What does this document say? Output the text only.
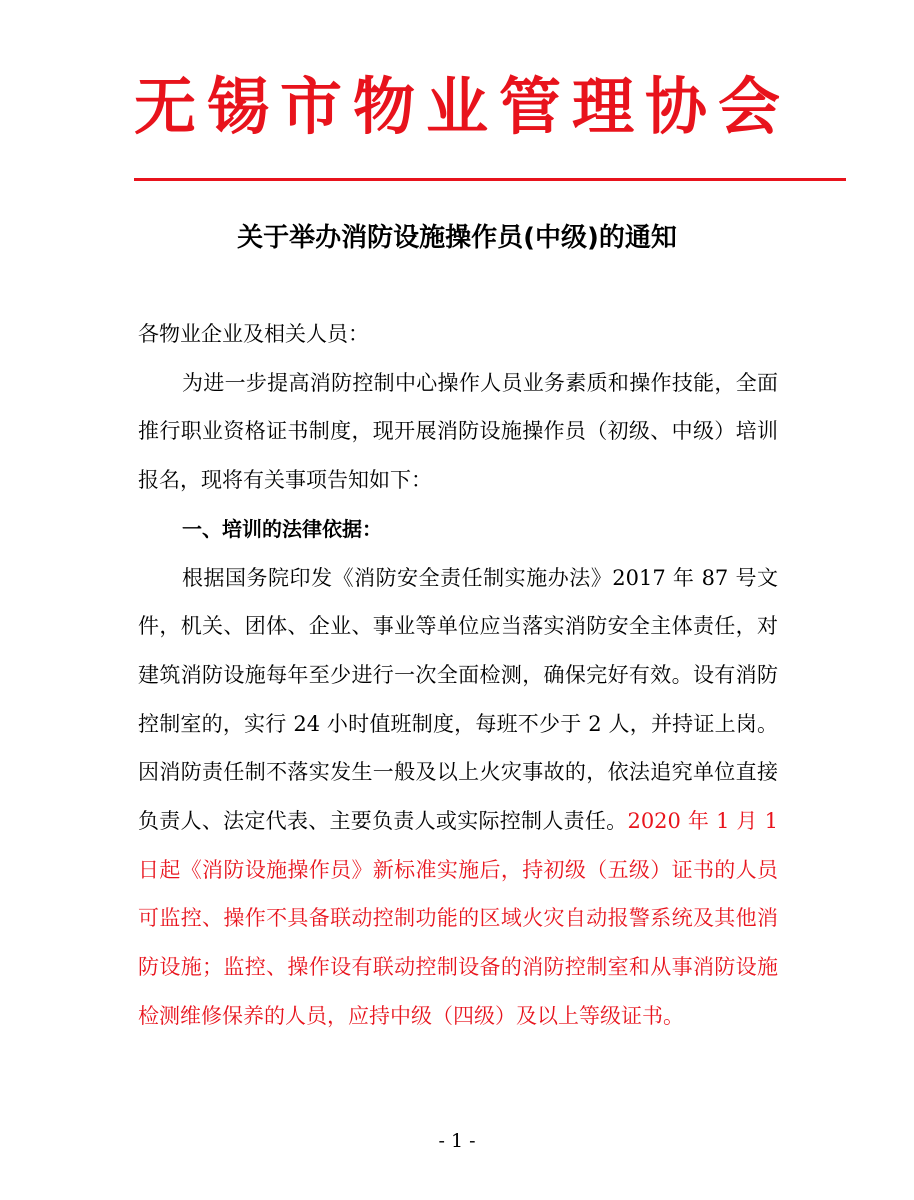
无锡市物业管理协会
关于举办消防设施操作员(中级)的通知

各物业企业及相关人员：

为进一步提高消防控制中心操作人员业务素质和操作技能，全面推行职业资格证书制度，现开展消防设施操作员（初级、中级）培训报名，现将有关事项告知如下：

一、培训的法律依据：

根据国务院印发《消防安全责任制实施办法》2017 年 87 号文件，机关、团体、企业、事业等单位应当落实消防安全主体责任，对建筑消防设施每年至少进行一次全面检测，确保完好有效。设有消防控制室的，实行 24 小时值班制度，每班不少于 2 人，并持证上岗。因消防责任制不落实发生一般及以上火灾事故的，依法追究单位直接负责人、法定代表、主要负责人或实际控制人责任。2020 年 1 月 1 日起《消防设施操作员》新标准实施后，持初级（五级）证书的人员可监控、操作不具备联动控制功能的区域火灾自动报警系统及其他消防设施；监控、操作设有联动控制设备的消防控制室和从事消防设施检测维修保养的人员，应持中级（四级）及以上等级证书。

- 1 -
